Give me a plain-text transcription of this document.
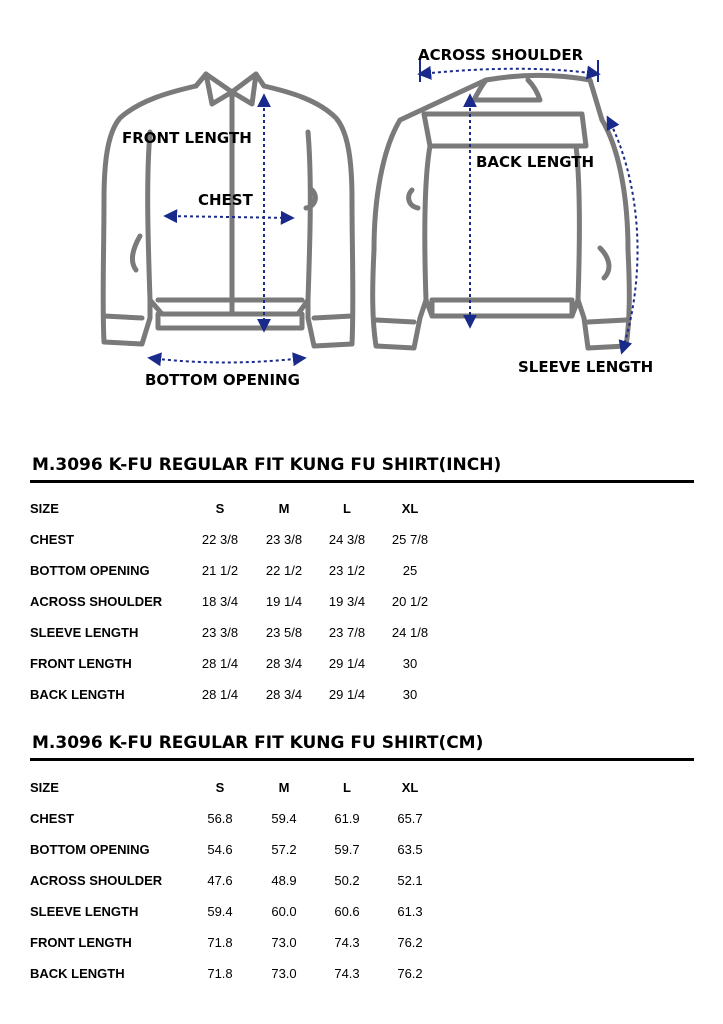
FRONT LENGTH
CHEST
BOTTOM OPENING
ACROSS SHOULDER
BACK LENGTH
SLEEVE LENGTH
M.3096 K-FU REGULAR FIT KUNG FU SHIRT(INCH)
SIZE	S	M	L	XL
CHEST	22 3/8	23 3/8	24 3/8	25 7/8
BOTTOM OPENING	21 1/2	22 1/2	23 1/2	25
ACROSS SHOULDER	18 3/4	19 1/4	19 3/4	20 1/2
SLEEVE LENGTH	23 3/8	23 5/8	23 7/8	24 1/8
FRONT LENGTH	28 1/4	28 3/4	29 1/4	30
BACK LENGTH	28 1/4	28 3/4	29 1/4	30
M.3096 K-FU REGULAR FIT KUNG FU SHIRT(CM)
SIZE	S	M	L	XL
CHEST	56.8	59.4	61.9	65.7
BOTTOM OPENING	54.6	57.2	59.7	63.5
ACROSS SHOULDER	47.6	48.9	50.2	52.1
SLEEVE LENGTH	59.4	60.0	60.6	61.3
FRONT LENGTH	71.8	73.0	74.3	76.2
BACK LENGTH	71.8	73.0	74.3	76.2
